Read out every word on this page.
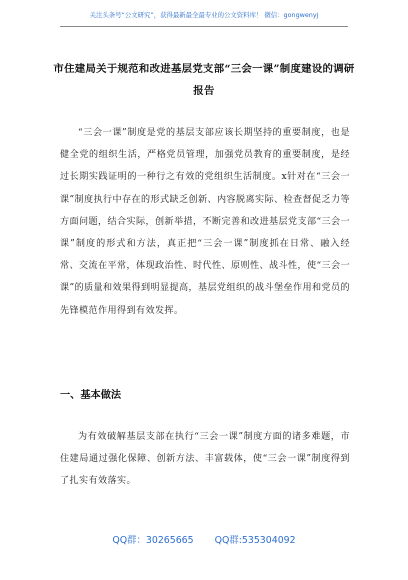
关注头条号“公文研究”，获得最新最全最专业的公文资料库！ 微信：gongwenyj
市住建局关于规范和改进基层党支部“三会一课”制度建设的调研报告
“三会一课”制度是党的基层支部应该长期坚持的重要制度，也是健全党的组织生活，严格党员管理，加强党员教育的重要制度，是经过长期实践证明的一种行之有效的党组织生活制度。x针对在“三会一课”制度执行中存在的形式缺乏创新、内容脱离实际、检查督促乏力等方面问题，结合实际，创新举措，不断完善和改进基层党支部“三会一课”制度的形式和方法，真正把“三会一课”制度抓在日常、融入经常、交流在平常，体现政治性、时代性、原则性、战斗性，使“三会一课”的质量和效果得到明显提高，基层党组织的战斗堡垒作用和党员的先锋模范作用得到有效发挥。
一、基本做法
为有效破解基层支部在执行“三会一课”制度方面的诸多难题，市住建局通过强化保障、创新方法、丰富载体，使“三会一课”制度得到了扎实有效落实。
QQ群：30265665 QQ群:535304092
